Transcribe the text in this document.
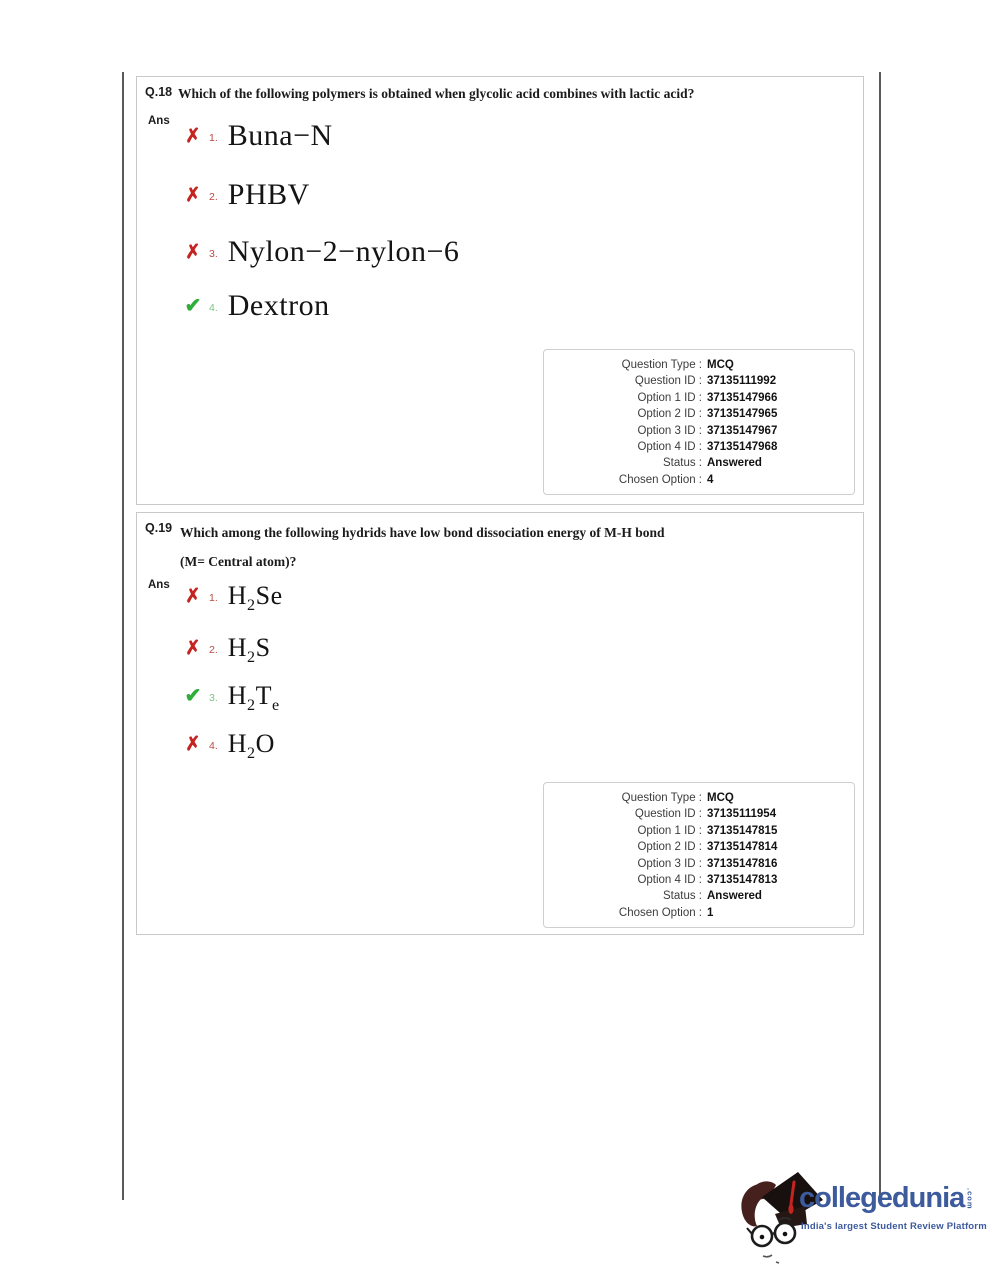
Q.18 Which of the following polymers is obtained when glycolic acid combines with lactic acid?
Ans
✗ 1. Buna−N
✗ 2. PHBV
✗ 3. Nylon−2−nylon−6
✔ 4. Dextron
Question Type : MCQ
Question ID : 37135111992
Option 1 ID : 37135147966
Option 2 ID : 37135147965
Option 3 ID : 37135147967
Option 4 ID : 37135147968
Status : Answered
Chosen Option : 4
Q.19 Which among the following hydrids have low bond dissociation energy of M-H bond
(M= Central atom)?
Ans ✗ 1. $H_2Se$
✗ 2. $H_2S$
✔ 3. $H_2T_e$
✗ 4. $H_2O$
Question Type : MCQ
Question ID : 37135111954
Option 1 ID : 37135147815
Option 2 ID : 37135147814
Option 3 ID : 37135147816
Option 4 ID : 37135147813
Status : Answered
Chosen Option : 1
collegedunia.com
India's largest Student Review Platform
